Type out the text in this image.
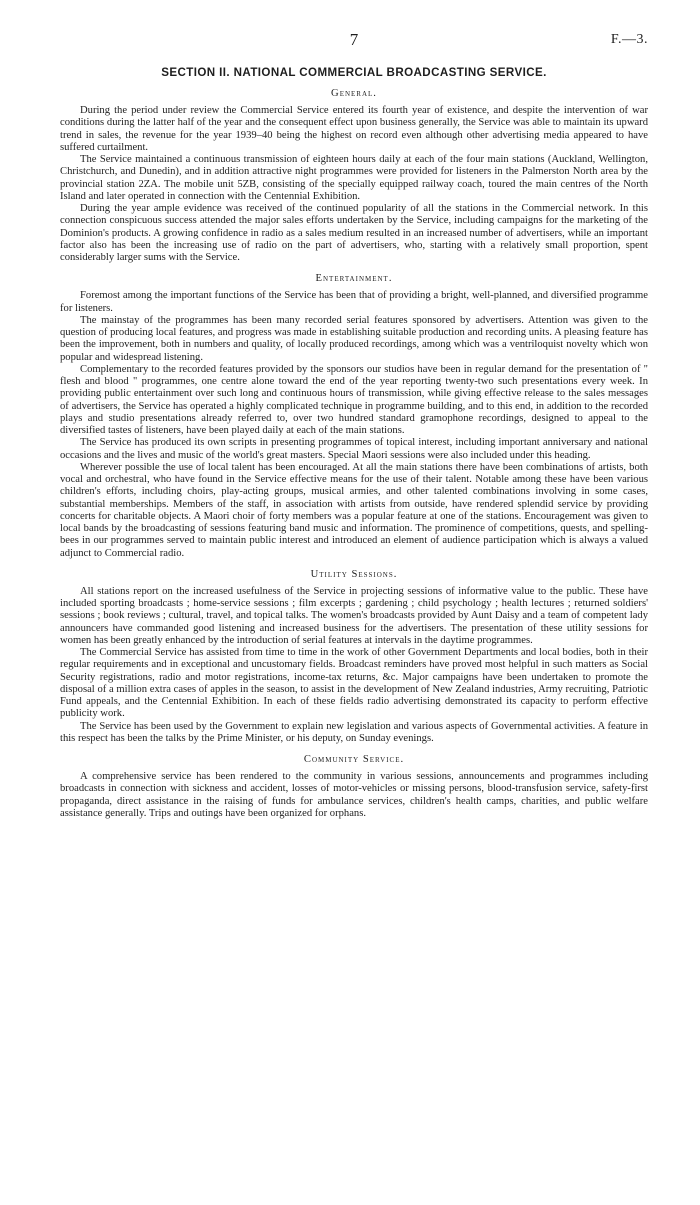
7	F.—3.
SECTION II. NATIONAL COMMERCIAL BROADCASTING SERVICE.
General.

During the period under review the Commercial Service entered its fourth year of existence, and despite the intervention of war conditions during the latter half of the year and the consequent effect upon business generally, the Service was able to maintain its upward trend in sales, the revenue for the year 1939–40 being the highest on record even although other advertising media appeared to have suffered curtailment.

The Service maintained a continuous transmission of eighteen hours daily at each of the four main stations (Auckland, Wellington, Christchurch, and Dunedin), and in addition attractive night programmes were provided for listeners in the Palmerston North area by the provincial station 2ZA. The mobile unit 5ZB, consisting of the specially equipped railway coach, toured the main centres of the North Island and later operated in connection with the Centennial Exhibition.

During the year ample evidence was received of the continued popularity of all the stations in the Commercial network. In this connection conspicuous success attended the major sales efforts undertaken by the Service, including campaigns for the marketing of the Dominion's products. A growing confidence in radio as a sales medium resulted in an increased number of advertisers, while an important factor also has been the increasing use of radio on the part of advertisers, who, starting with a relatively small proportion, spent considerably larger sums with the Service.

Entertainment.

Foremost among the important functions of the Service has been that of providing a bright, well-planned, and diversified programme for listeners.

The mainstay of the programmes has been many recorded serial features sponsored by advertisers. Attention was given to the question of producing local features, and progress was made in establishing suitable production and recording units. A pleasing feature has been the improvement, both in numbers and quality, of locally produced recordings, among which was a ventriloquist novelty which won popular and widespread listening.

Complementary to the recorded features provided by the sponsors our studios have been in regular demand for the presentation of " flesh and blood " programmes, one centre alone toward the end of the year reporting twenty-two such presentations every week. In providing public entertainment over such long and continuous hours of transmission, while giving effective release to the sales messages of advertisers, the Service has operated a highly complicated technique in programme building, and to this end, in addition to the recorded plays and studio presentations already referred to, over two hundred standard gramophone recordings, designed to appeal to the diversified tastes of listeners, have been played daily at each of the main stations.

The Service has produced its own scripts in presenting programmes of topical interest, including important anniversary and national occasions and the lives and music of the world's great masters. Special Maori sessions were also included under this heading.

Wherever possible the use of local talent has been encouraged. At all the main stations there have been combinations of artists, both vocal and orchestral, who have found in the Service effective means for the use of their talent. Notable among these have been various children's efforts, including choirs, play-acting groups, musical armies, and other talented combinations involving in some cases, substantial memberships. Members of the staff, in association with artists from outside, have rendered splendid service by providing concerts for charitable objects. A Maori choir of forty members was a popular feature at one of the stations. Encouragement was given to local bands by the broadcasting of sessions featuring band music and information. The prominence of competitions, quests, and spelling-bees in our programmes served to maintain public interest and introduced an element of audience participation which is always a valued adjunct to Commercial radio.

Utility Sessions.

All stations report on the increased usefulness of the Service in projecting sessions of informative value to the public. These have included sporting broadcasts ; home-service sessions ; film excerpts ; gardening ; child psychology ; health lectures ; returned soldiers' sessions ; book reviews ; cultural, travel, and topical talks. The women's broadcasts provided by Aunt Daisy and a team of competent lady announcers have commanded good listening and increased business for the advertisers. The presentation of these utility sessions for women has been greatly enhanced by the introduction of serial features at intervals in the daytime programmes.

The Commercial Service has assisted from time to time in the work of other Government Departments and local bodies, both in their regular requirements and in exceptional and uncustomary fields. Broadcast reminders have proved most helpful in such matters as Social Security registrations, radio and motor registrations, income-tax returns, &c. Major campaigns have been undertaken to promote the disposal of a million extra cases of apples in the season, to assist in the development of New Zealand industries, Army recruiting, Patriotic Fund appeals, and the Centennial Exhibition. In each of these fields radio advertising demonstrated its capacity to perform effective publicity work.

The Service has been used by the Government to explain new legislation and various aspects of Governmental activities. A feature in this respect has been the talks by the Prime Minister, or his deputy, on Sunday evenings.

Community Service.

A comprehensive service has been rendered to the community in various sessions, announcements and programmes including broadcasts in connection with sickness and accident, losses of motor-vehicles or missing persons, blood-transfusion service, safety-first propaganda, direct assistance in the raising of funds for ambulance services, children's health camps, charities, and public welfare assistance generally. Trips and outings have been organized for orphans.
